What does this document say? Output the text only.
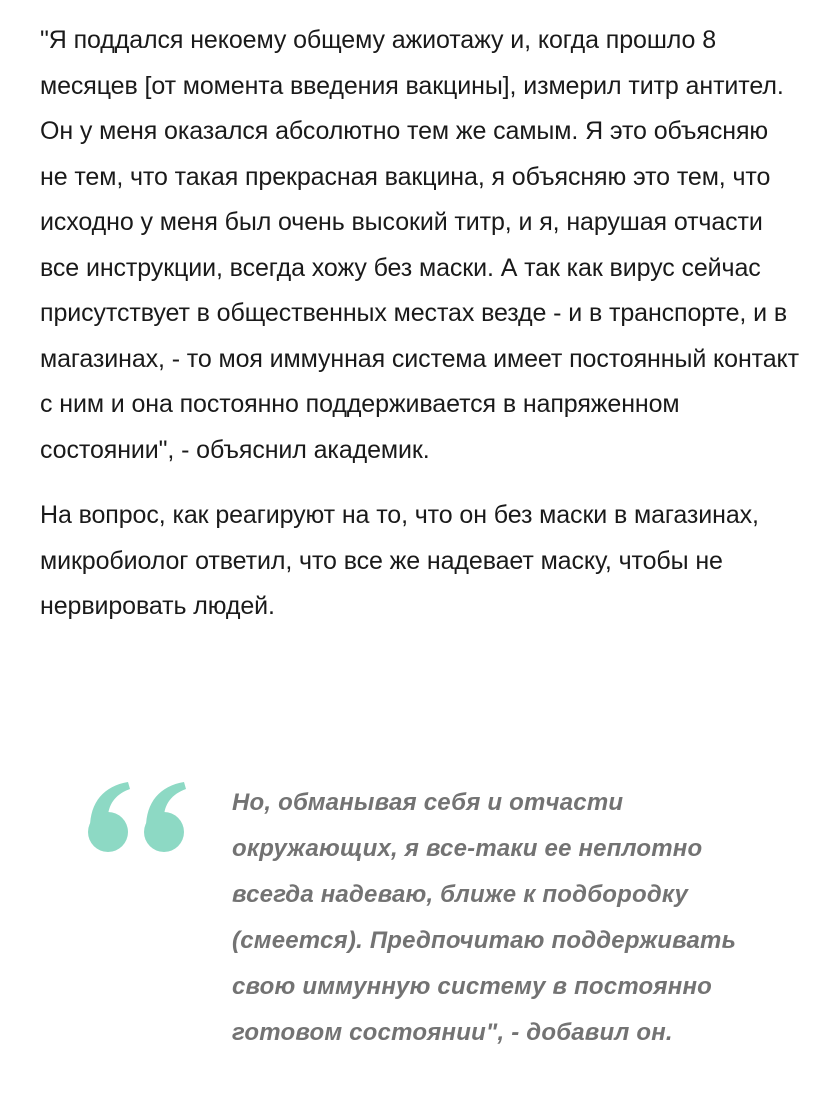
"Я поддался некоему общему ажиотажу и, когда прошло 8 месяцев [от момента введения вакцины], измерил титр антител. Он у меня оказался абсолютно тем же самым. Я это объясняю не тем, что такая прекрасная вакцина, я объясняю это тем, что исходно у меня был очень высокий титр, и я, нарушая отчасти все инструкции, всегда хожу без маски. А так как вирус сейчас присутствует в общественных местах везде - и в транспорте, и в магазинах, - то моя иммунная система имеет постоянный контакт с ним и она постоянно поддерживается в напряженном состоянии", - объяснил академик.

На вопрос, как реагируют на то, что он без маски в магазинах, микробиолог ответил, что все же надевает маску, чтобы не нервировать людей.

Но, обманывая себя и отчасти окружающих, я все-таки ее неплотно всегда надеваю, ближе к подбородку (смеется). Предпочитаю поддерживать свою иммунную систему в постоянно готовом состоянии", - добавил он.
